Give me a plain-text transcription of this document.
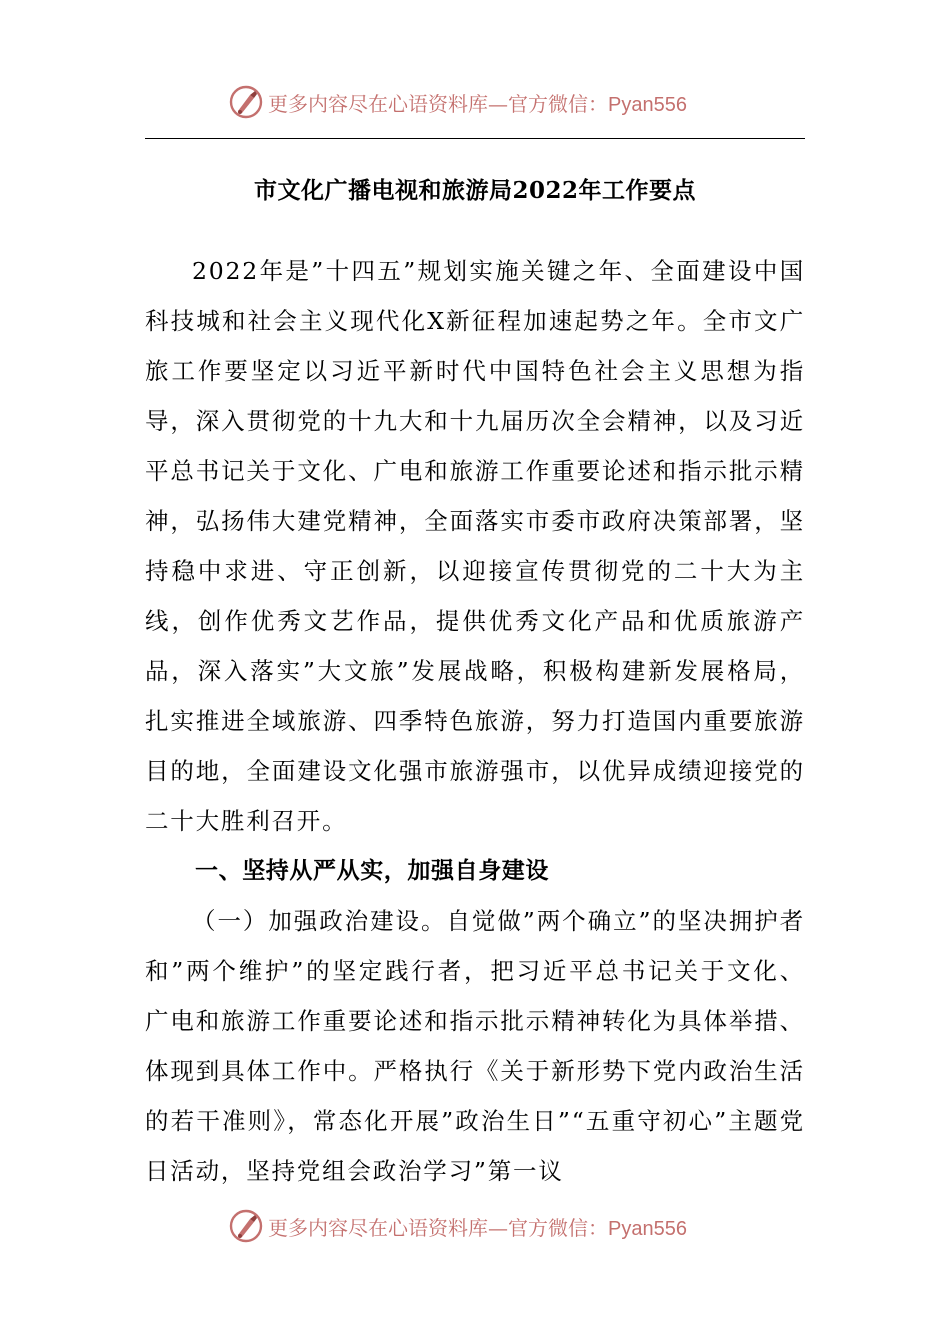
更多内容尽在心语资料库—官方微信：Pyan556
市文化广播电视和旅游局2022年工作要点

2022年是”十四五”规划实施关键之年、全面建设中国科技城和社会主义现代化X新征程加速起势之年。全市文广旅工作要坚定以习近平新时代中国特色社会主义思想为指导，深入贯彻党的十九大和十九届历次全会精神，以及习近平总书记关于文化、广电和旅游工作重要论述和指示批示精神，弘扬伟大建党精神，全面落实市委市政府决策部署，坚持稳中求进、守正创新，以迎接宣传贯彻党的二十大为主线，创作优秀文艺作品，提供优秀文化产品和优质旅游产品，深入落实”大文旅”发展战略，积极构建新发展格局，扎实推进全域旅游、四季特色旅游，努力打造国内重要旅游目的地，全面建设文化强市旅游强市，以优异成绩迎接党的二十大胜利召开。

一、坚持从严从实，加强自身建设

（一）加强政治建设。自觉做”两个确立”的坚决拥护者和”两个维护”的坚定践行者，把习近平总书记关于文化、广电和旅游工作重要论述和指示批示精神转化为具体举措、体现到具体工作中。严格执行《关于新形势下党内政治生活的若干准则》，常态化开展”政治生日”“五重守初心”主题党日活动，坚持党组会政治学习”第一议

更多内容尽在心语资料库—官方微信：Pyan556
